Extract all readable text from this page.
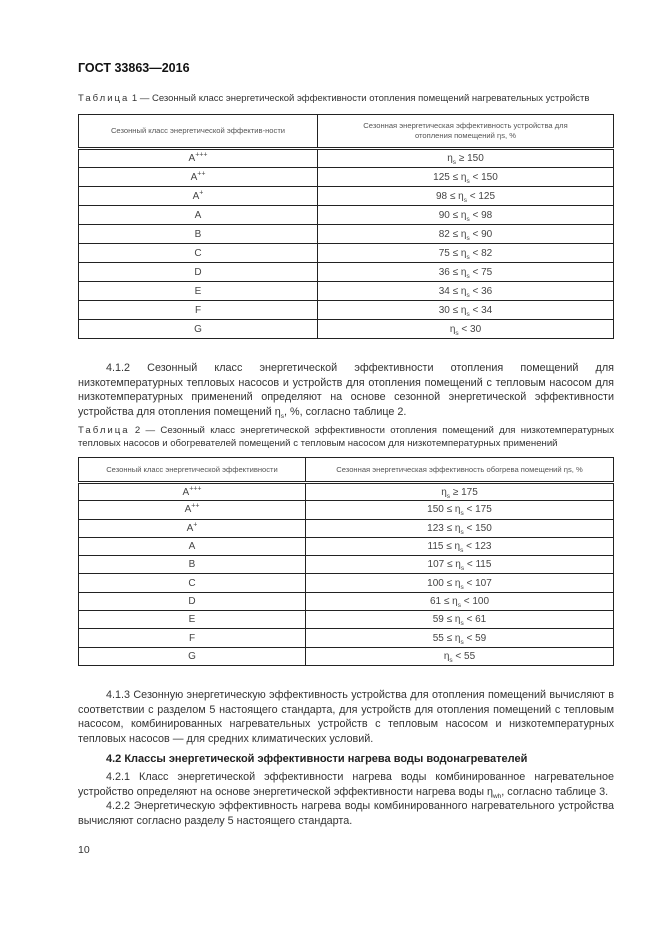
ГОСТ 33863—2016
Таблица 1 — Сезонный класс энергетической эффективности отопления помещений нагревательных устройств
Сезонный класс энергетической эффектив-ности	Сезонная энергетическая эффективность устройства для отопления помещений ηs, %
A+++	$\eta_s \ge 150$
A++	$125 \le \eta_s < 150$
A+	$98 \le \eta_s < 125$
A	$90 \le \eta_s < 98$
B	$82 \le \eta_s < 90$
C	$75 \le \eta_s < 82$
D	$36 \le \eta_s < 75$
E	$34 \le \eta_s < 36$
F	$30 \le \eta_s < 34$
G	$\eta_s < 30$
4.1.2 Сезонный класс энергетической эффективности отопления помещений для низкотемпературных тепловых насосов и устройств для отопления помещений с тепловым насосом для низкотемпературных применений определяют на основе сезонной энергетической эффективности устройства для отопления помещений $\eta_s$, %, согласно таблице 2.
Таблица 2 — Сезонный класс энергетической эффективности отопления помещений для низкотемпературных тепловых насосов и обогревателей помещений с тепловым насосом для низкотемпературных применений
Сезонный класс энергетической эффективности	Сезонная энергетическая эффективность обогрева помещений ηs, %
A+++	$\eta_s \ge 175$
A++	$150 \le \eta_s < 175$
A+	$123 \le \eta_s < 150$
A	$115 \le \eta_s < 123$
B	$107 \le \eta_s < 115$
C	$100 \le \eta_s < 107$
D	$61 \le \eta_s < 100$
E	$59 \le \eta_s < 61$
F	$55 \le \eta_s < 59$
G	$\eta_s < 55$
4.1.3 Сезонную энергетическую эффективность устройства для отопления помещений вычисляют в соответствии с разделом 5 настоящего стандарта, для устройств для отопления помещений с тепловым насосом, комбинированных нагревательных устройств с тепловым насосом и низкотемпературных тепловых насосов — для средних климатических условий.
4.2 Классы энергетической эффективности нагрева воды водонагревателей
4.2.1 Класс энергетической эффективности нагрева воды комбинированное нагревательное устройство определяют на основе энергетической эффективности нагрева воды $\eta_{wh}$, согласно таблице 3.
4.2.2 Энергетическую эффективность нагрева воды комбинированного нагревательного устройства вычисляют согласно разделу 5 настоящего стандарта.
10
